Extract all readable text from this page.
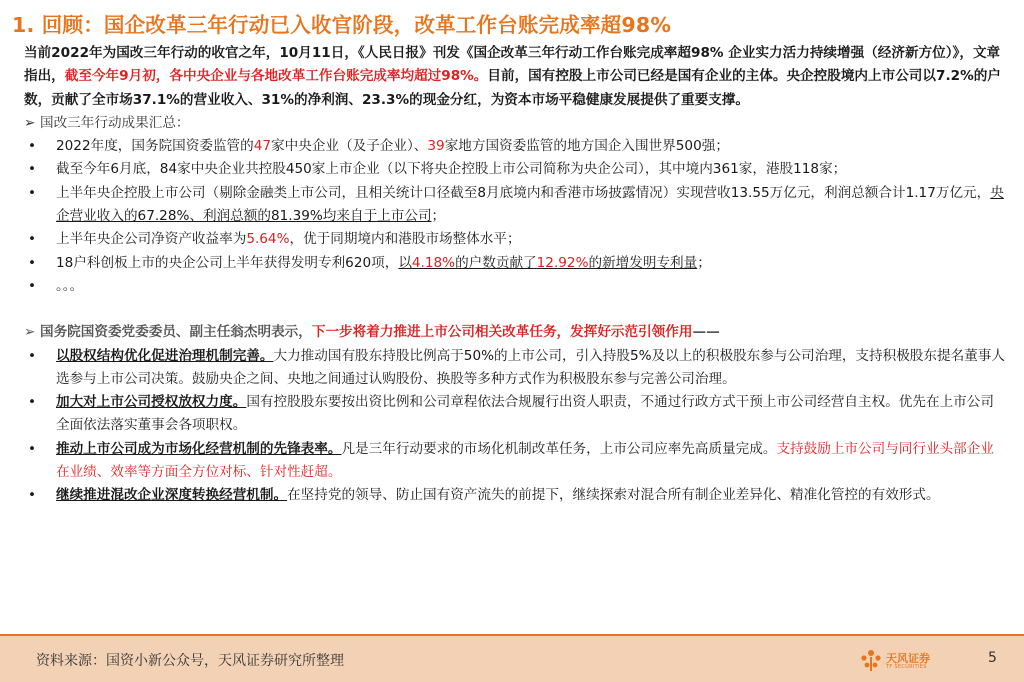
1. 回顾：国企改革三年行动已入收官阶段，改革工作台账完成率超98%

当前2022年为国改三年行动的收官之年，10月11日，《人民日报》刊发《国企改革三年行动工作台账完成率超98% 企业实力活力持续增强（经济新方位）》，文章指出，截至今年9月初，各中央企业与各地改革工作台账完成率均超过98%。目前，国有控股上市公司已经是国有企业的主体。央企控股境内上市公司以7.2%的户数，贡献了全市场37.1%的营业收入、31%的净利润、23.3%的现金分红，为资本市场平稳健康发展提供了重要支撑。

➢ 国改三年行动成果汇总：

• 2022年度，国务院国资委监管的47家中央企业（及子企业）、39家地方国资委监管的地方国企入围世界500强；
• 截至今年6月底，84家中央企业共控股450家上市企业（以下将央企控股上市公司简称为央企公司），其中境内361家，港股118家；
• 上半年央企控股上市公司（剔除金融类上市公司，且相关统计口径截至8月底境内和香港市场披露情况）实现营收13.55万亿元，利润总额合计1.17万亿元，央企营业收入的67.28%、利润总额的81.39%均来自于上市公司；
• 上半年央企公司净资产收益率为5.64%，优于同期境内和港股市场整体水平；
• 18户科创板上市的央企公司上半年获得发明专利620项，以4.18%的户数贡献了12.92%的新增发明专利量；
• 。。。

➢ 国务院国资委党委委员、副主任翁杰明表示，下一步将着力推进上市公司相关改革任务，发挥好示范引领作用——

• 以股权结构优化促进治理机制完善。大力推动国有股东持股比例高于50%的上市公司，引入持股5%及以上的积极股东参与公司治理，支持积极股东提名董事人选参与上市公司决策。鼓励央企之间、央地之间通过认购股份、换股等多种方式作为积极股东参与完善公司治理。
• 加大对上市公司授权放权力度。国有控股股东要按出资比例和公司章程依法合规履行出资人职责，不通过行政方式干预上市公司经营自主权。优先在上市公司全面依法落实董事会各项职权。
• 推动上市公司成为市场化经营机制的先锋表率。凡是三年行动要求的市场化机制改革任务，上市公司应率先高质量完成。支持鼓励上市公司与同行业头部企业在业绩、效率等方面全方位对标、针对性赶超。
• 继续推进混改企业深度转换经营机制。在坚持党的领导、防止国有资产流失的前提下，继续探索对混合所有制企业差异化、精准化管控的有效形式。
资料来源：国资小新公众号，天风证券研究所整理	天风证券
TF SECURITIES
5
